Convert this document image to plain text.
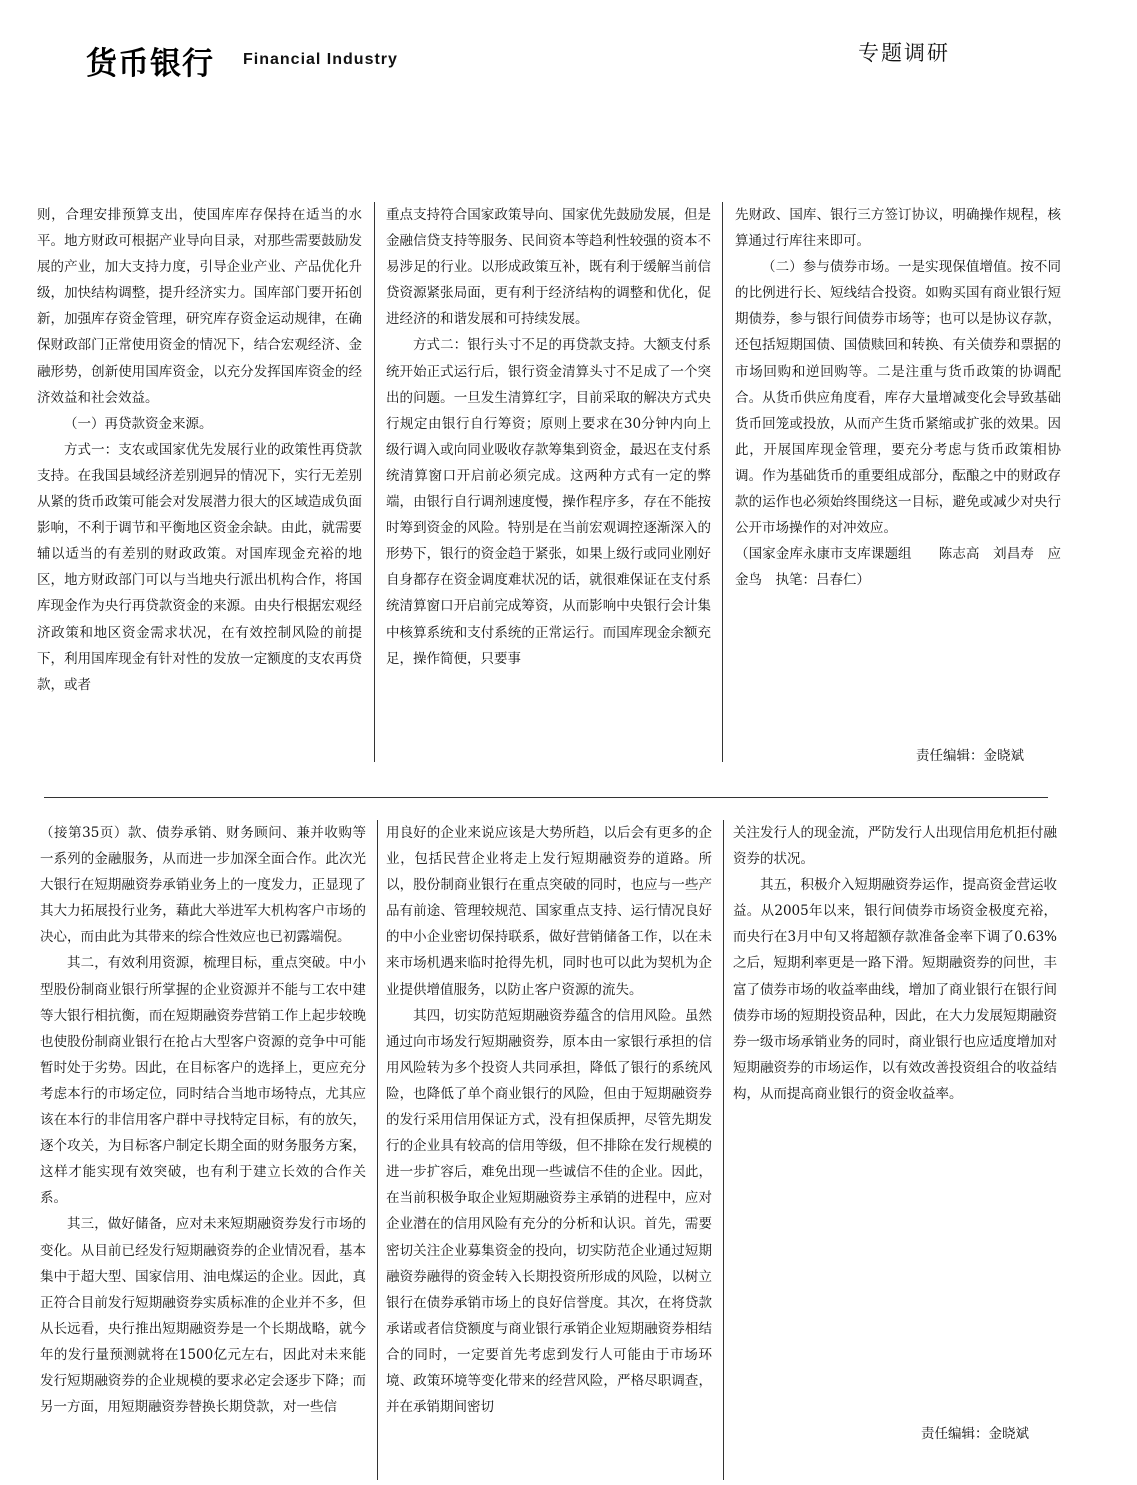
货币银行 Financial Industry	专题调研

则，合理安排预算支出，使国库库存保持在适当的水平。地方财政可根据产业导向目录，对那些需要鼓励发展的产业，加大支持力度，引导企业产业、产品优化升级，加快结构调整，提升经济实力。国库部门要开拓创新，加强库存资金管理，研究库存资金运动规律，在确保财政部门正常使用资金的情况下，结合宏观经济、金融形势，创新使用国库资金，以充分发挥国库资金的经济效益和社会效益。

（一）再贷款资金来源。

方式一：支农或国家优先发展行业的政策性再贷款支持。在我国县域经济差别迥异的情况下，实行无差别从紧的货币政策可能会对发展潜力很大的区域造成负面影响，不利于调节和平衡地区资金余缺。由此，就需要辅以适当的有差别的财政政策。对国库现金充裕的地区，地方财政部门可以与当地央行派出机构合作，将国库现金作为央行再贷款资金的来源。由央行根据宏观经济政策和地区资金需求状况，在有效控制风险的前提下，利用国库现金有针对性的发放一定额度的支农再贷款，或者

重点支持符合国家政策导向、国家优先鼓励发展，但是金融信贷支持等服务、民间资本等趋利性较强的资本不易涉足的行业。以形成政策互补，既有利于缓解当前信贷资源紧张局面，更有利于经济结构的调整和优化，促进经济的和谐发展和可持续发展。

方式二：银行头寸不足的再贷款支持。大额支付系统开始正式运行后，银行资金清算头寸不足成了一个突出的问题。一旦发生清算红字，目前采取的解决方式央行规定由银行自行筹资；原则上要求在30分钟内向上级行调入或向同业吸收存款筹集到资金，最迟在支付系统清算窗口开启前必须完成。这两种方式有一定的弊端，由银行自行调剂速度慢，操作程序多，存在不能按时筹到资金的风险。特别是在当前宏观调控逐渐深入的形势下，银行的资金趋于紧张，如果上级行或同业刚好自身都存在资金调度难状况的话，就很难保证在支付系统清算窗口开启前完成筹资，从而影响中央银行会计集中核算系统和支付系统的正常运行。而国库现金余额充足，操作简便，只要事

先财政、国库、银行三方签订协议，明确操作规程，核算通过行库往来即可。

（二）参与债券市场。一是实现保值增值。按不同的比例进行长、短线结合投资。如购买国有商业银行短期债券，参与银行间债券市场等；也可以是协议存款，还包括短期国债、国债赎回和转换、有关债券和票据的市场回购和逆回购等。二是注重与货币政策的协调配合。从货币供应角度看，库存大量增减变化会导致基础货币回笼或投放，从而产生货币紧缩或扩张的效果。因此，开展国库现金管理，要充分考虑与货币政策相协调。作为基础货币的重要组成部分，酝酿之中的财政存款的运作也必须始终围绕这一目标，避免或减少对央行公开市场操作的对冲效应。

（国家金库永康市支库课题组　　陈志高　刘昌寿　应金鸟　执笔：吕春仁）

责任编辑：金晓斌

（接第35页）款、债券承销、财务顾问、兼并收购等一系列的金融服务，从而进一步加深全面合作。此次光大银行在短期融资券承销业务上的一度发力，正显现了其大力拓展投行业务，藉此大举进军大机构客户市场的决心，而由此为其带来的综合性效应也已初露端倪。

其二，有效利用资源，梳理目标，重点突破。中小型股份制商业银行所掌握的企业资源并不能与工农中建等大银行相抗衡，而在短期融资券营销工作上起步较晚也使股份制商业银行在抢占大型客户资源的竞争中可能暂时处于劣势。因此，在目标客户的选择上，更应充分考虑本行的市场定位，同时结合当地市场特点，尤其应该在本行的非信用客户群中寻找特定目标，有的放矢，逐个攻关，为目标客户制定长期全面的财务服务方案，这样才能实现有效突破，也有利于建立长效的合作关系。

其三，做好储备，应对未来短期融资券发行市场的变化。从目前已经发行短期融资券的企业情况看，基本集中于超大型、国家信用、油电煤运的企业。因此，真正符合目前发行短期融资券实质标准的企业并不多，但从长远看，央行推出短期融资券是一个长期战略，就今年的发行量预测就将在1500亿元左右，因此对未来能发行短期融资券的企业规模的要求必定会逐步下降；而另一方面，用短期融资券替换长期贷款，对一些信

用良好的企业来说应该是大势所趋，以后会有更多的企业，包括民营企业将走上发行短期融资券的道路。所以，股份制商业银行在重点突破的同时，也应与一些产品有前途、管理较规范、国家重点支持、运行情况良好的中小企业密切保持联系，做好营销储备工作，以在未来市场机遇来临时抢得先机，同时也可以此为契机为企业提供增值服务，以防止客户资源的流失。

其四，切实防范短期融资券蕴含的信用风险。虽然通过向市场发行短期融资券，原本由一家银行承担的信用风险转为多个投资人共同承担，降低了银行的系统风险，也降低了单个商业银行的风险，但由于短期融资券的发行采用信用保证方式，没有担保质押，尽管先期发行的企业具有较高的信用等级，但不排除在发行规模的进一步扩容后，难免出现一些诚信不佳的企业。因此，在当前积极争取企业短期融资券主承销的进程中，应对企业潜在的信用风险有充分的分析和认识。首先，需要密切关注企业募集资金的投向，切实防范企业通过短期融资券融得的资金转入长期投资所形成的风险，以树立银行在债券承销市场上的良好信誉度。其次，在将贷款承诺或者信贷额度与商业银行承销企业短期融资券相结合的同时，一定要首先考虑到发行人可能由于市场环境、政策环境等变化带来的经营风险，严格尽职调查，并在承销期间密切

关注发行人的现金流，严防发行人出现信用危机拒付融资券的状况。

其五，积极介入短期融资券运作，提高资金营运收益。从2005年以来，银行间债券市场资金极度充裕，而央行在3月中旬又将超额存款准备金率下调了0.63%之后，短期利率更是一路下滑。短期融资券的问世，丰富了债券市场的收益率曲线，增加了商业银行在银行间债券市场的短期投资品种，因此，在大力发展短期融资券一级市场承销业务的同时，商业银行也应适度增加对短期融资券的市场运作，以有效改善投资组合的收益结构，从而提高商业银行的资金收益率。

责任编辑：金晓斌
